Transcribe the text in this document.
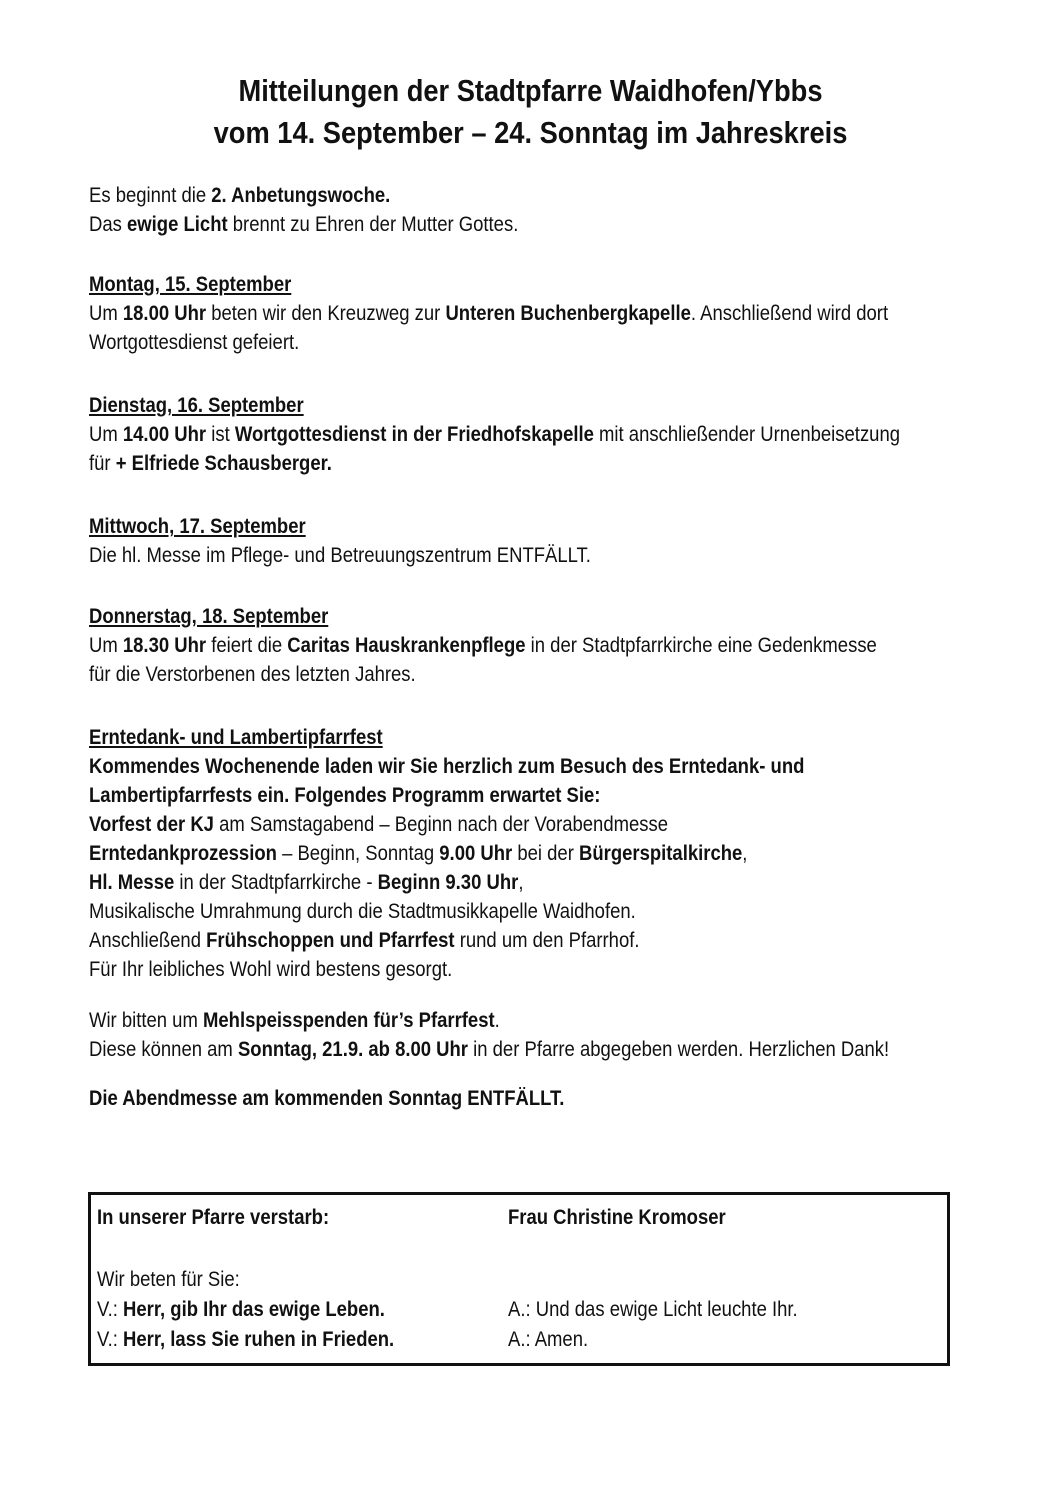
Mitteilungen der Stadtpfarre Waidhofen/Ybbs
vom 14. September – 24. Sonntag im Jahreskreis
Es beginnt die 2. Anbetungswoche.
Das ewige Licht brennt zu Ehren der Mutter Gottes.
Montag, 15. September
Um 18.00 Uhr beten wir den Kreuzweg zur Unteren Buchenbergkapelle. Anschließend wird dort
Wortgottesdienst gefeiert.
Dienstag, 16. September
Um 14.00 Uhr ist Wortgottesdienst in der Friedhofskapelle mit anschließender Urnenbeisetzung
für + Elfriede Schausberger.
Mittwoch, 17. September
Die hl. Messe im Pflege- und Betreuungszentrum ENTFÄLLT.
Donnerstag, 18. September
Um 18.30 Uhr feiert die Caritas Hauskrankenpflege in der Stadtpfarrkirche eine Gedenkmesse
für die Verstorbenen des letzten Jahres.
Erntedank- und Lambertipfarrfest
Kommendes Wochenende laden wir Sie herzlich zum Besuch des Erntedank- und
Lambertipfarrfests ein. Folgendes Programm erwartet Sie:
Vorfest der KJ am Samstagabend – Beginn nach der Vorabendmesse
Erntedankprozession – Beginn, Sonntag 9.00 Uhr bei der Bürgerspitalkirche,
Hl. Messe in der Stadtpfarrkirche - Beginn 9.30 Uhr,
Musikalische Umrahmung durch die Stadtmusikkapelle Waidhofen.
Anschließend Frühschoppen und Pfarrfest rund um den Pfarrhof.
Für Ihr leibliches Wohl wird bestens gesorgt.
Wir bitten um Mehlspeisspenden für’s Pfarrfest.
Diese können am Sonntag, 21.9. ab 8.00 Uhr in der Pfarre abgegeben werden. Herzlichen Dank!
Die Abendmesse am kommenden Sonntag ENTFÄLLT.
In unserer Pfarre verstarb:	Frau Christine Kromoser
Wir beten für Sie:
V.: Herr, gib Ihr das ewige Leben.	A.: Und das ewige Licht leuchte Ihr.
V.: Herr, lass Sie ruhen in Frieden.	A.: Amen.
